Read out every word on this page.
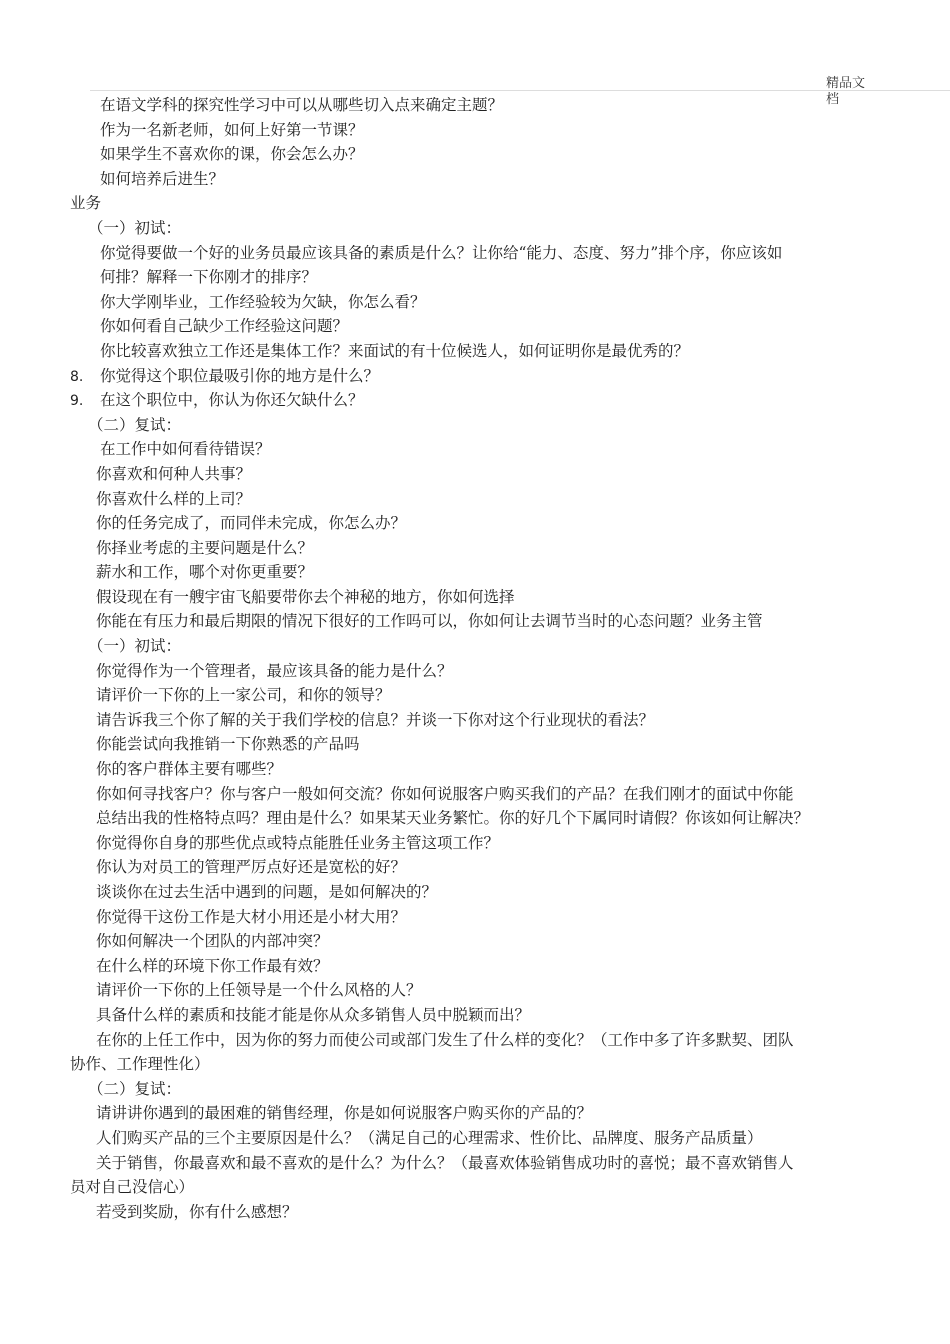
精品文档
在语文学科的探究性学习中可以从哪些切入点来确定主题？
作为一名新老师，如何上好第一节课？
如果学生不喜欢你的课，你会怎么办？
如何培养后进生？
业务
（一）初试：
你觉得要做一个好的业务员最应该具备的素质是什么？让你给“能力、态度、努力”排个序，你应该如
何排？解释一下你刚才的排序？
你大学刚毕业，工作经验较为欠缺，你怎么看？
你如何看自己缺少工作经验这问题？
你比较喜欢独立工作还是集体工作？来面试的有十位候选人，如何证明你是最优秀的？
8. 你觉得这个职位最吸引你的地方是什么？
9. 在这个职位中，你认为你还欠缺什么？
（二）复试：
在工作中如何看待错误？
你喜欢和何种人共事？
你喜欢什么样的上司？
你的任务完成了，而同伴未完成，你怎么办？
你择业考虑的主要问题是什么？
薪水和工作，哪个对你更重要？
假设现在有一艘宇宙飞船要带你去个神秘的地方，你如何选择
你能在有压力和最后期限的情况下很好的工作吗可以，你如何让去调节当时的心态问题？业务主管
（一）初试：
你觉得作为一个管理者，最应该具备的能力是什么？
请评价一下你的上一家公司，和你的领导？
请告诉我三个你了解的关于我们学校的信息？并谈一下你对这个行业现状的看法？
你能尝试向我推销一下你熟悉的产品吗
你的客户群体主要有哪些？
你如何寻找客户？你与客户一般如何交流？你如何说服客户购买我们的产品？在我们刚才的面试中你能
总结出我的性格特点吗？理由是什么？如果某天业务繁忙。你的好几个下属同时请假？你该如何让解决？
你觉得你自身的那些优点或特点能胜任业务主管这项工作？
你认为对员工的管理严厉点好还是宽松的好？
谈谈你在过去生活中遇到的问题，是如何解决的？
你觉得干这份工作是大材小用还是小材大用？
你如何解决一个团队的内部冲突？
在什么样的环境下你工作最有效？
请评价一下你的上任领导是一个什么风格的人？
具备什么样的素质和技能才能是你从众多销售人员中脱颖而出？
在你的上任工作中，因为你的努力而使公司或部门发生了什么样的变化？（工作中多了许多默契、团队
协作、工作理性化）
（二）复试：
请讲讲你遇到的最困难的销售经理，你是如何说服客户购买你的产品的？
人们购买产品的三个主要原因是什么？（满足自己的心理需求、性价比、品牌度、服务产品质量）
关于销售，你最喜欢和最不喜欢的是什么？为什么？（最喜欢体验销售成功时的喜悦；最不喜欢销售人
员对自己没信心）
若受到奖励，你有什么感想？
